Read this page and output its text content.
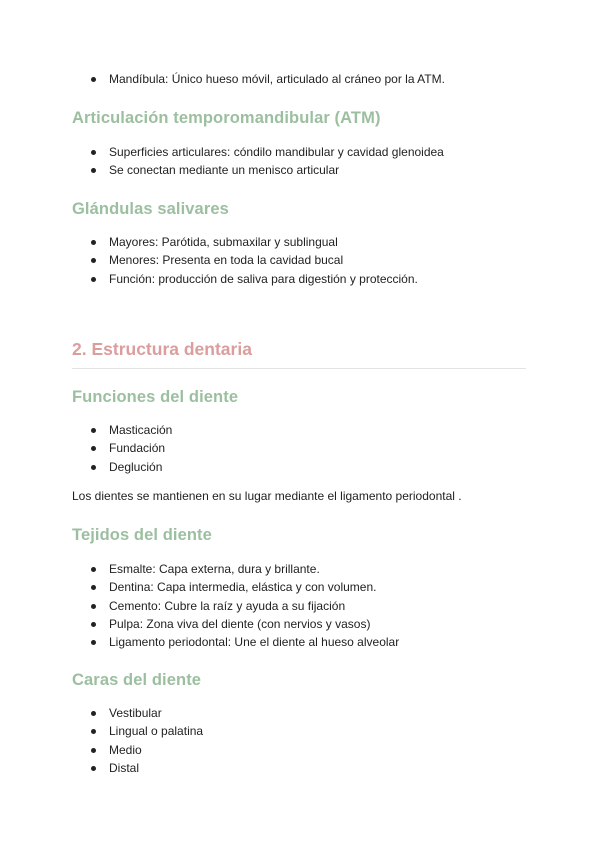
Mandíbula: Único hueso móvil, articulado al cráneo por la ATM.
Articulación temporomandibular (ATM)
Superficies articulares: cóndilo mandibular y cavidad glenoidea
Se conectan mediante un menisco articular
Glándulas salivares
Mayores: Parótida, submaxilar y sublingual
Menores: Presenta en toda la cavidad bucal
Función: producción de saliva para digestión y protección.
2. Estructura dentaria
Funciones del diente
Masticación
Fundación
Deglución
Los dientes se mantienen en su lugar mediante el ligamento periodontal .
Tejidos del diente
Esmalte: Capa externa, dura y brillante.
Dentina: Capa intermedia, elástica y con volumen.
Cemento: Cubre la raíz y ayuda a su fijación
Pulpa: Zona viva del diente (con nervios y vasos)
Ligamento periodontal: Une el diente al hueso alveolar
Caras del diente
Vestibular
Lingual o palatina
Medio
Distal
